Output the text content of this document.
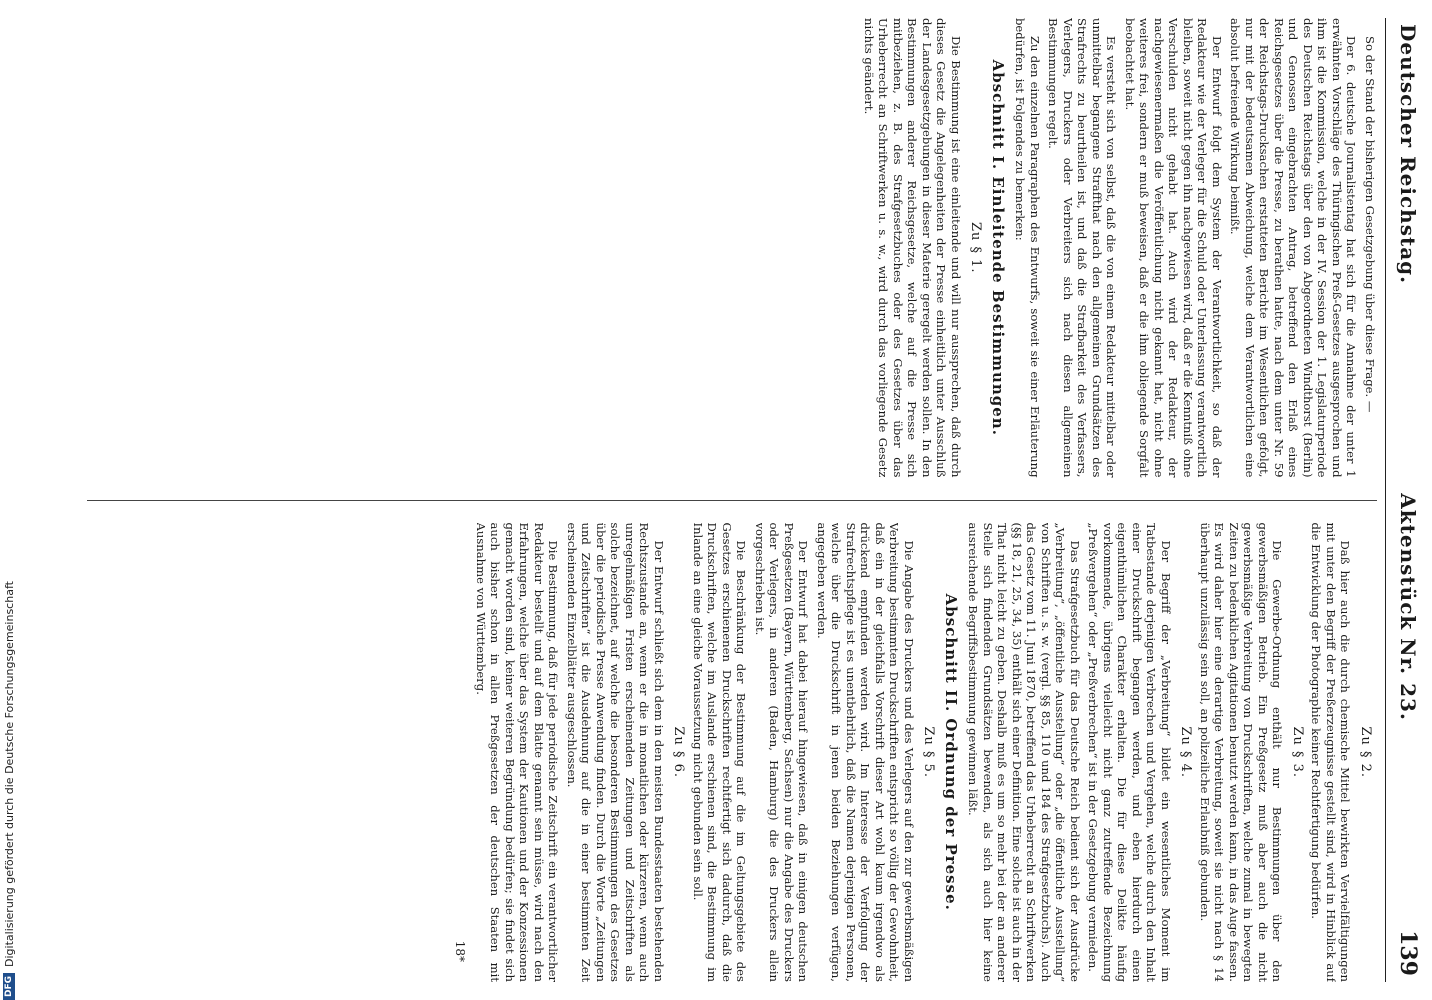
DFG
Digitalisierung gefördert durch die Deutsche Forschungsgemeinschaft
Deutscher Reichstag.
Aktenstück Nr. 23.
139

So der Stand der bisherigen Gesetzgebung über diese Frage. —

Der 6. deutsche Journalistentag hat sich für die Annahme der unter 1 erwähnten Vorschläge des Thüringischen Preß-Gesetzes ausgesprochen und ihm ist die Kommission, welche in der IV. Session der 1. Legislaturperiode des Deutschen Reichstags über den von Abgeordneten Windthorst (Berlin) und Genossen eingebrachten Antrag, betreffend den Erlaß eines Reichsgesetzes über die Presse, zu berathen hatte, nach dem unter Nr. 59 der Reichstags-Drucksachen erstatteten Berichte im Wesentlichen gefolgt, nur mit der bedeutsamen Abweichung, welche dem Verantwortlichen eine absolut befreiende Wirkung beimißt.

Der Entwurf folgt dem System der Verantwortlichkeit, so daß der Redakteur wie der Verleger für die Schuld oder Unterlassung verantwortlich bleiben, soweit nicht gegen ihn nachgewiesen wird, daß er die Kenntniß ohne Verschulden nicht gehabt hat. Auch wird der Redakteur, der nachgewiesenermaßen die Veröffentlichung nicht gekannt hat, nicht ohne weiteres frei, sondern er muß beweisen, daß er die ihm obliegende Sorgfalt beobachtet hat.

Es versteht sich von selbst, daß die von einem Redakteur mittelbar oder unmittelbar begangene Straffthat nach den allgemeinen Grundsätzen des Strafrechts zu beurtheilen ist, und daß die Strafbarkeit des Verfassers, Verlegers, Druckers oder Verbreiters sich nach diesen allgemeinen Bestimmungen regelt.

Zu den einzelnen Paragraphen des Entwurfs, soweit sie einer Erläuterung bedürfen, ist Folgendes zu bemerken:

Abschnitt I. Einleitende Bestimmungen.
Zu § 1.

Die Bestimmung ist eine einleitende und will nur aussprechen, daß durch dieses Gesetz die Angelegenheiten der Presse einheitlich unter Ausschluß der Landesgesetzgebungen in dieser Materie geregelt werden sollen. In den Bestimmungen anderer Reichsgesetze, welche auf die Presse sich mitbeziehen, z. B. des Strafgesetzbuches oder des Gesetzes über das Urheberrecht an Schriftwerken u. s. w., wird durch das vorliegende Gesetz nichts geändert.

Zu § 2.

Daß hier auch die durch chemische Mittel bewirkten Vervielfältigungen mit unter den Begriff der Preßerzeugnisse gestellt sind, wird in Hinblick auf die Entwicklung der Photographie keiner Rechtfertigung bedürfen.

Zu § 3.

Die Gewerbe-Ordnung enthält nur Bestimmungen über den gewerbsmäßigen Betrieb. Ein Preßgesetz muß aber auch die nicht gewerbsmäßige Verbreitung von Druckschriften, welche zumal in bewegten Zeiten zu bedenklichen Agitationen benutzt werden kann, in das Auge fassen. Es wird daher hier eine derartige Verbreitung, soweit sie nicht nach § 14 überhaupt unzulässig sein soll, an polizeiliche Erlaubniß gebunden.

Zu § 4.

Der Begriff der „Verbreitung“ bildet ein wesentliches Moment im Tatbestande derjenigen Verbrechen und Vergehen, welche durch den Inhalt einer Druckschrift begangen werden, und eben hierdurch einen eigenthümlichen Charakter erhalten. Die für diese Delikte häufig vorkommende, übrigens vielleicht nicht ganz zutreffende Bezeichnung „Preßvergehen“ oder „Preßverbrechen“ ist in der Gesetzgebung vermieden.

Das Strafgesetzbuch für das Deutsche Reich bedient sich der Ausdrücke „Verbreitung“, „öffentliche Ausstellung“ oder „die öffentliche Ausstellung“ von Schriften u. s. w. (vergl. §§ 85, 110 und 184 des Strafgesetzbuchs). Auch das Gesetz vom 11. Juni 1870, betreffend das Urheberrecht an Schriftwerken (§§ 18, 21, 25, 34, 35) enthält sich einer Definition. Eine solche ist auch in der That nicht leicht zu geben. Deshalb muß es um so mehr bei der an anderer Stelle sich findenden Grundsätzen bewenden, als sich auch hier keine ausreichende Begriffsbestimmung gewinnen läßt.

Abschnitt II. Ordnung der Presse.
Zu § 5.

Die Angabe des Druckers und des Verlegers auf den zur gewerbsmäßigen Verbreitung bestimmten Druckschriften entspricht so völlig der Gewohnheit, daß ein in der gleichfalls Vorschrift dieser Art wohl kaum irgendwo als drückend empfunden werden wird. Im Interesse der Verfolgung der Strafrechtspflege ist es unentbehrlich, daß die Namen derjenigen Personen, welche über die Druckschrift in jenen beiden Beziehungen verfügen, angegeben werden.

Der Entwurf hat dabei hierauf hingewiesen, daß in einigen deutschen Preßgesetzen (Bayern, Württemberg, Sachsen) nur die Angabe des Druckers oder Verlegers, in anderen (Baden, Hamburg) die des Druckers allein vorgeschrieben ist.

Die Beschränkung der Bestimmung auf die im Geltungsgebiete des Gesetzes erschienenen Druckschriften rechtfertigt sich dadurch, daß die Druckschriften, welche im Auslande erschienen sind, die Bestimmung im Inlande an eine gleiche Voraussetzung nicht gebunden sein soll.

Zu § 6.

Der Entwurf schließt sich dem in den meisten Bundesstaaten bestehenden Rechtszustande an, wenn er die in monatlichen oder kürzeren, wenn auch unregelmäßigen Fristen erscheinenden Zeitungen und Zeitschriften als solche bezeichnet, auf welche die besonderen Bestimmungen des Gesetzes über die periodische Presse Anwendung finden. Durch die Worte „Zeitungen und Zeitschriften“ ist die Ausdehnung auf die in einer bestimmten Zeit erscheinenden Einzelblätter ausgeschlossen.

Die Bestimmung, daß für jede periodische Zeitschrift ein verantwortlicher Redakteur bestellt und auf dem Blatte genannt sein müsse, wird nach den Erfahrungen, welche über das System der Kautionen und der Konzessionen gemacht worden sind, keiner weiteren Begründung bedürfen; sie findet sich auch bisher schon in allen Preßgesetzen der deutschen Staaten mit Ausnahme von Württemberg.

18*
